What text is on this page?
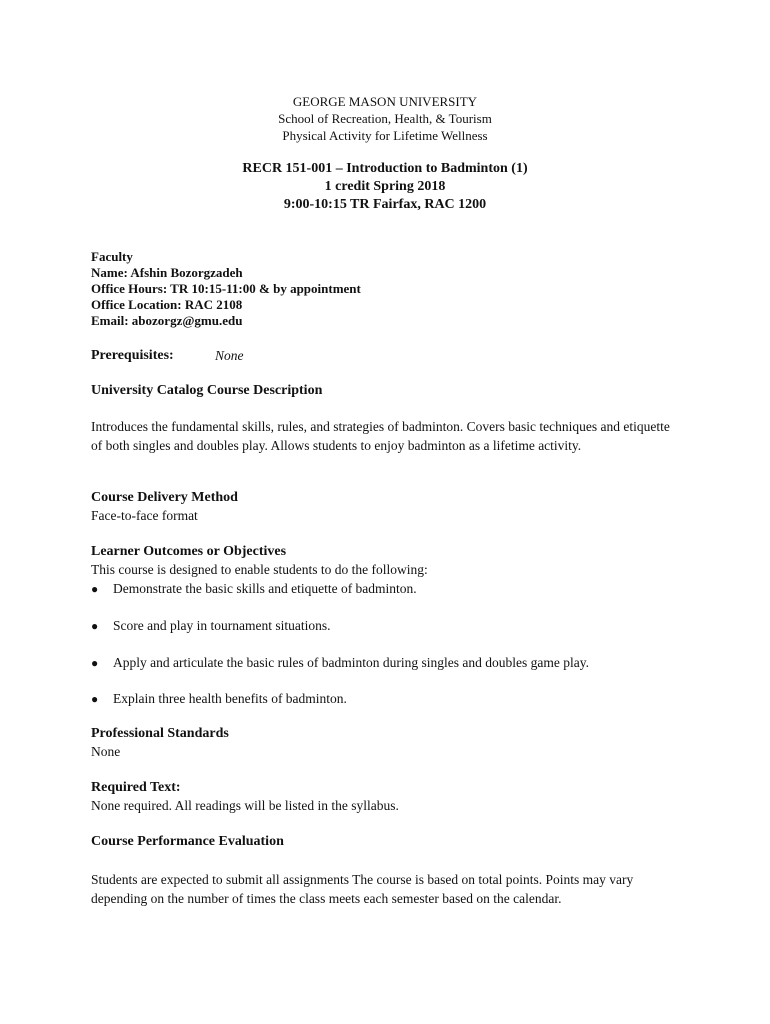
GEORGE MASON UNIVERSITY
School of Recreation, Health, & Tourism
Physical Activity for Lifetime Wellness
RECR 151-001 – Introduction to Badminton (1)
1 credit Spring 2018
9:00-10:15 TR Fairfax, RAC 1200
Faculty
Name: Afshin Bozorgzadeh
Office Hours: TR 10:15-11:00 & by appointment
Office Location: RAC 2108
Email: abozorgz@gmu.edu
Prerequisites:	None
University Catalog Course Description
Introduces the fundamental skills, rules, and strategies of badminton. Covers basic techniques and etiquette of both singles and doubles play. Allows students to enjoy badminton as a lifetime activity.
Course Delivery Method
Face-to-face format
Learner Outcomes or Objectives
This course is designed to enable students to do the following:
● Demonstrate the basic skills and etiquette of badminton.
● Score and play in tournament situations.
● Apply and articulate the basic rules of badminton during singles and doubles game play.
● Explain three health benefits of badminton.
Professional Standards
None
Required Text:
None required. All readings will be listed in the syllabus.
Course Performance Evaluation
Students are expected to submit all assignments The course is based on total points. Points may vary depending on the number of times the class meets each semester based on the calendar.
